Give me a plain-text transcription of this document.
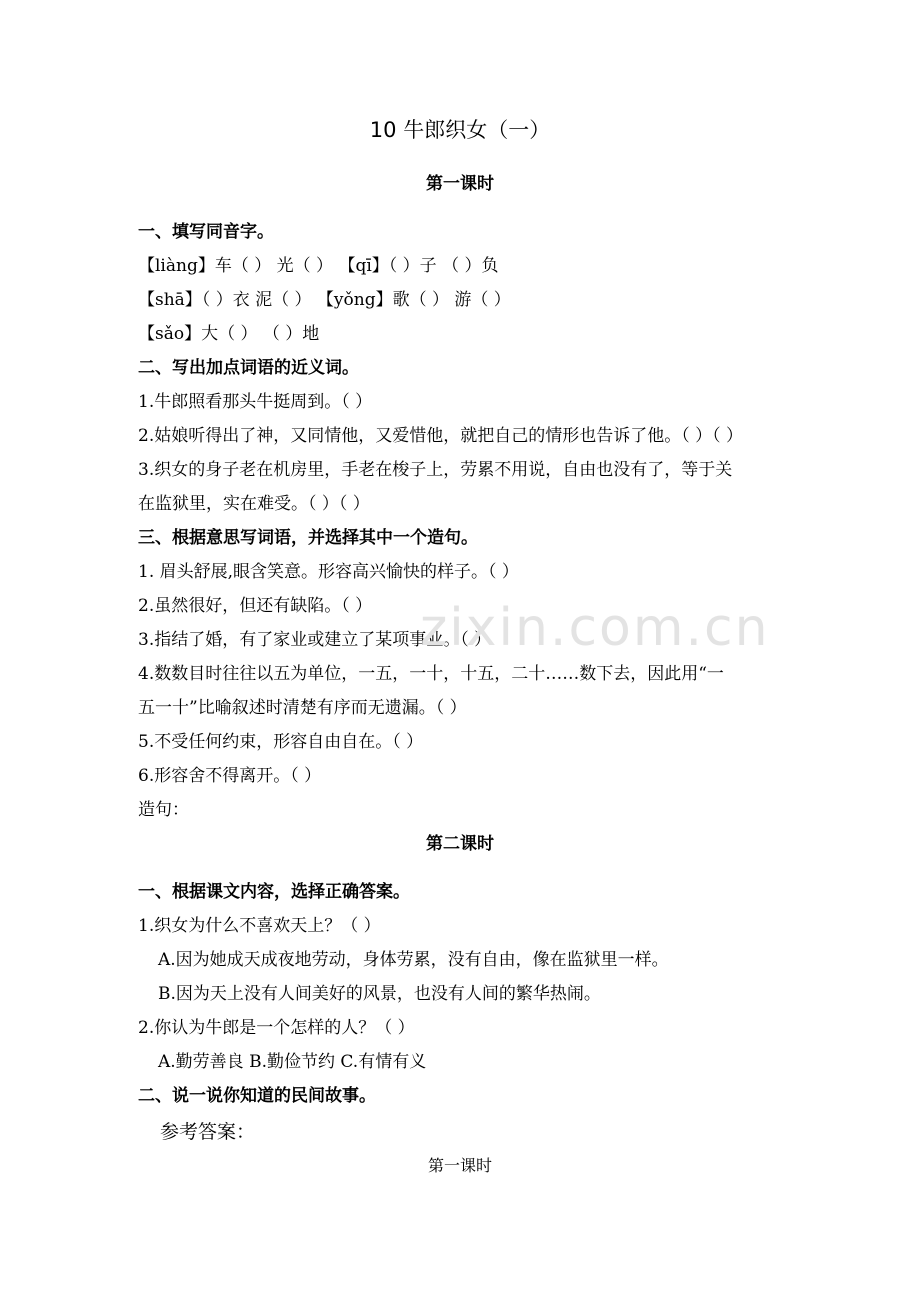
10 牛郎织女（一）
第一课时
一、填写同音字。
【liàng】车（ ） 光（ ） 【qī】（ ）子 （ ）负
【shā】（ ）衣 泥（ ） 【yǒng】歌（ ） 游（ ）
【sǎo】大（ ） （ ）地
二、写出加点词语的近义词。
1.牛郎照看那头牛挺周到。（ ）
2.姑娘听得出了神，又同情他，又爱惜他，就把自己的情形也告诉了他。（ ）（ ）
3.织女的身子老在机房里，手老在梭子上，劳累不用说，自由也没有了，等于关
在监狱里，实在难受。（ ）（ ）
三、根据意思写词语，并选择其中一个造句。
1. 眉头舒展,眼含笑意。形容高兴愉快的样子。（ ）
2.虽然很好，但还有缺陷。（ ）
3.指结了婚，有了家业或建立了某项事业。（ ）
4.数数目时往往以五为单位，一五，一十，十五，二十……数下去，因此用“一
五一十”比喻叙述时清楚有序而无遗漏。（ ）
5.不受任何约束，形容自由自在。（ ）
6.形容舍不得离开。（ ）
造句：
第二课时
一、根据课文内容，选择正确答案。
1.织女为什么不喜欢天上？（ ）
A.因为她成天成夜地劳动，身体劳累，没有自由，像在监狱里一样。
B.因为天上没有人间美好的风景，也没有人间的繁华热闹。
2.你认为牛郎是一个怎样的人？（ ）
A.勤劳善良 B.勤俭节约 C.有情有义
二、说一说你知道的民间故事。
参考答案：
第一课时
zixin.com.cn
